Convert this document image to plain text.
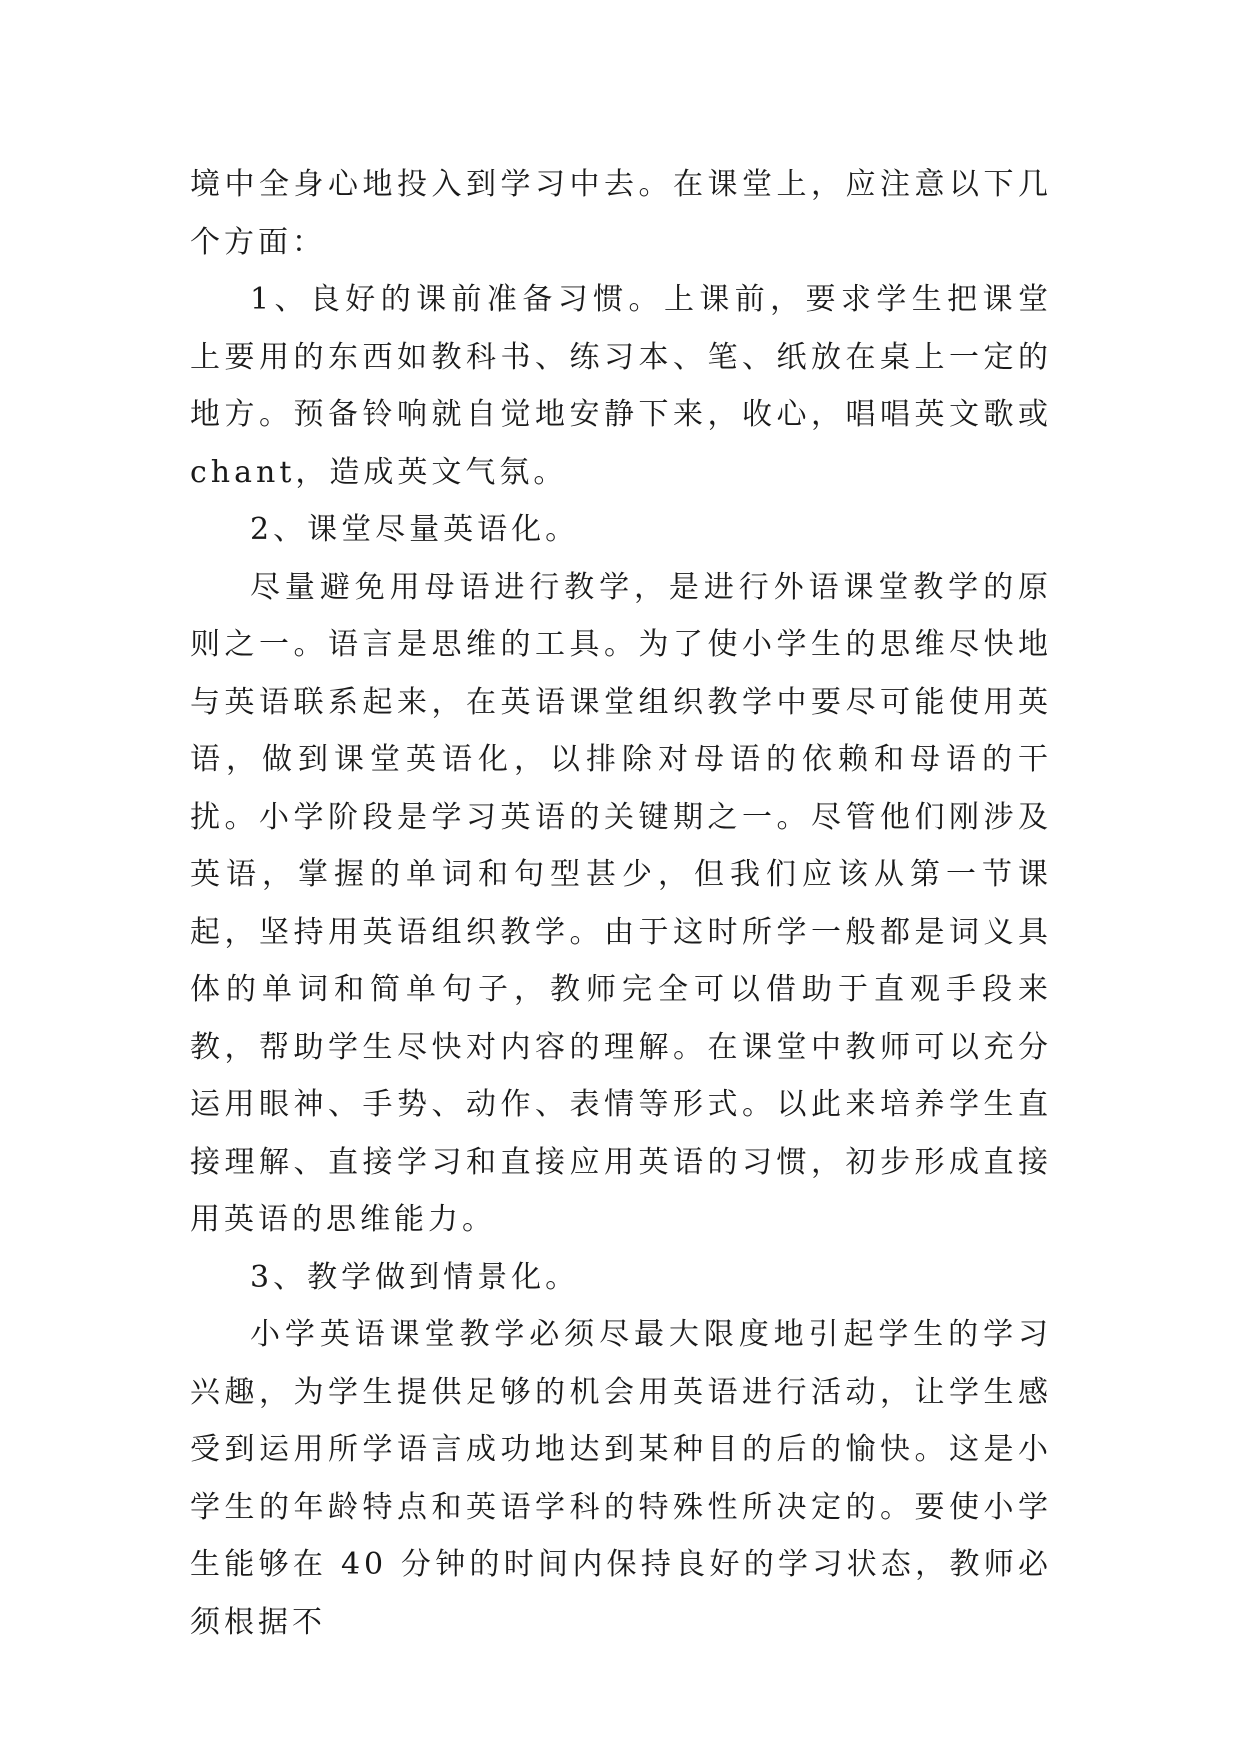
境中全身心地投入到学习中去。在课堂上，应注意以下几个方面：

1、良好的课前准备习惯。上课前，要求学生把课堂上要用的东西如教科书、练习本、笔、纸放在桌上一定的地方。预备铃响就自觉地安静下来，收心，唱唱英文歌或chant，造成英文气氛。

2、课堂尽量英语化。

尽量避免用母语进行教学，是进行外语课堂教学的原则之一。语言是思维的工具。为了使小学生的思维尽快地与英语联系起来，在英语课堂组织教学中要尽可能使用英语，做到课堂英语化，以排除对母语的依赖和母语的干扰。小学阶段是学习英语的关键期之一。尽管他们刚涉及英语，掌握的单词和句型甚少，但我们应该从第一节课起，坚持用英语组织教学。由于这时所学一般都是词义具体的单词和简单句子，教师完全可以借助于直观手段来教，帮助学生尽快对内容的理解。在课堂中教师可以充分运用眼神、手势、动作、表情等形式。以此来培养学生直接理解、直接学习和直接应用英语的习惯，初步形成直接用英语的思维能力。

3、教学做到情景化。

小学英语课堂教学必须尽最大限度地引起学生的学习兴趣，为学生提供足够的机会用英语进行活动，让学生感受到运用所学语言成功地达到某种目的后的愉快。这是小学生的年龄特点和英语学科的特殊性所决定的。要使小学生能够在 40 分钟的时间内保持良好的学习状态，教师必须根据不
